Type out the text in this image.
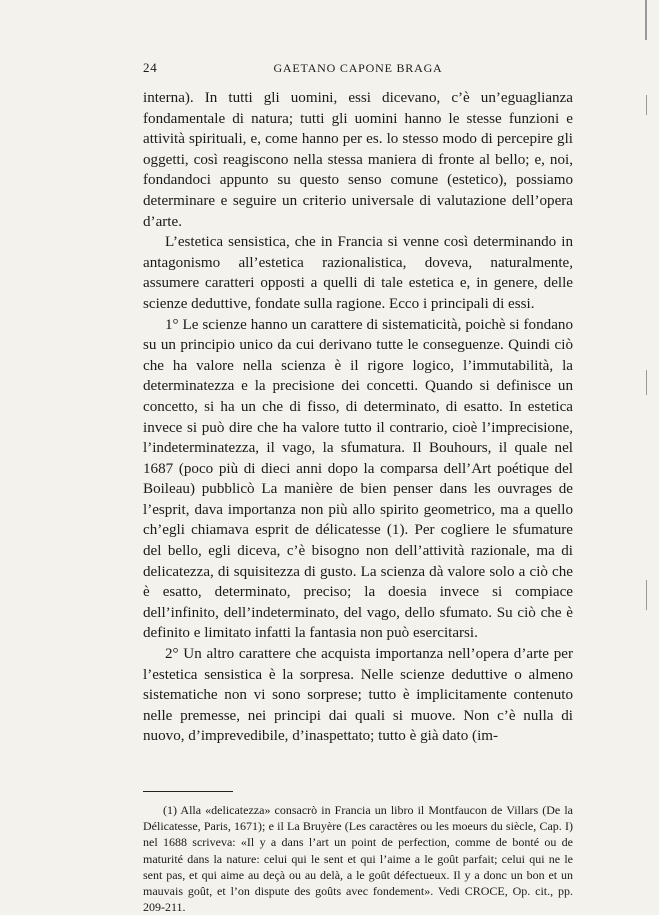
24	GAETANO CAPONE BRAGA

interna). In tutti gli uomini, essi dicevano, c’è un’eguaglianza fondamentale di natura; tutti gli uomini hanno le stesse funzioni e attività spirituali, e, come hanno per es. lo stesso modo di percepire gli oggetti, così reagiscono nella stessa maniera di fronte al bello; e, noi, fondandoci appunto su questo senso comune (estetico), possiamo determinare e seguire un criterio universale di valutazione dell’opera d’arte.

L’estetica sensistica, che in Francia si venne così determinando in antagonismo all’estetica razionalistica, doveva, naturalmente, assumere caratteri opposti a quelli di tale estetica e, in genere, delle scienze deduttive, fondate sulla ragione. Ecco i principali di essi.

1° Le scienze hanno un carattere di sistematicità, poichè si fondano su un principio unico da cui derivano tutte le conseguenze. Quindi ciò che ha valore nella scienza è il rigore logico, l’immutabilità, la determinatezza e la precisione dei concetti. Quando si definisce un concetto, si ha un che di fisso, di determinato, di esatto. In estetica invece si può dire che ha valore tutto il contrario, cioè l’imprecisione, l’indeterminatezza, il vago, la sfumatura. Il Bouhours, il quale nel 1687 (poco più di dieci anni dopo la comparsa dell’Art poétique del Boileau) pubblicò La manière de bien penser dans les ouvrages de l’esprit, dava importanza non più allo spirito geometrico, ma a quello ch’egli chiamava esprit de délicatesse (1). Per cogliere le sfumature del bello, egli diceva, c’è bisogno non dell’attività razionale, ma di delicatezza, di squisitezza di gusto. La scienza dà valore solo a ciò che è esatto, determinato, preciso; la doesia invece si compiace dell’infinito, dell’indeterminato, del vago, dello sfumato. Su ciò che è definito e limitato infatti la fantasia non può esercitarsi.

2° Un altro carattere che acquista importanza nell’opera d’arte per l’estetica sensistica è la sorpresa. Nelle scienze deduttive o almeno sistematiche non vi sono sorprese; tutto è implicitamente contenuto nelle premesse, nei principi dai quali si muove. Non c’è nulla di nuovo, d’imprevedibile, d’inaspettato; tutto è già dato (im-

(1) Alla «delicatezza» consacrò in Francia un libro il Montfaucon de Villars (De la Délicatesse, Paris, 1671); e il La Bruyère (Les caractères ou les moeurs du siècle, Cap. I) nel 1688 scriveva: «Il y a dans l’art un point de perfection, comme de bonté ou de maturité dans la nature: celui qui le sent et qui l’aime a le goût parfait; celui qui ne le sent pas, et qui aime au deçà ou au delà, a le goût défectueux. Il y a donc un bon et un mauvais goût, et l’on dispute des goûts avec fondement». Vedi CROCE, Op. cit., pp. 209-211.
